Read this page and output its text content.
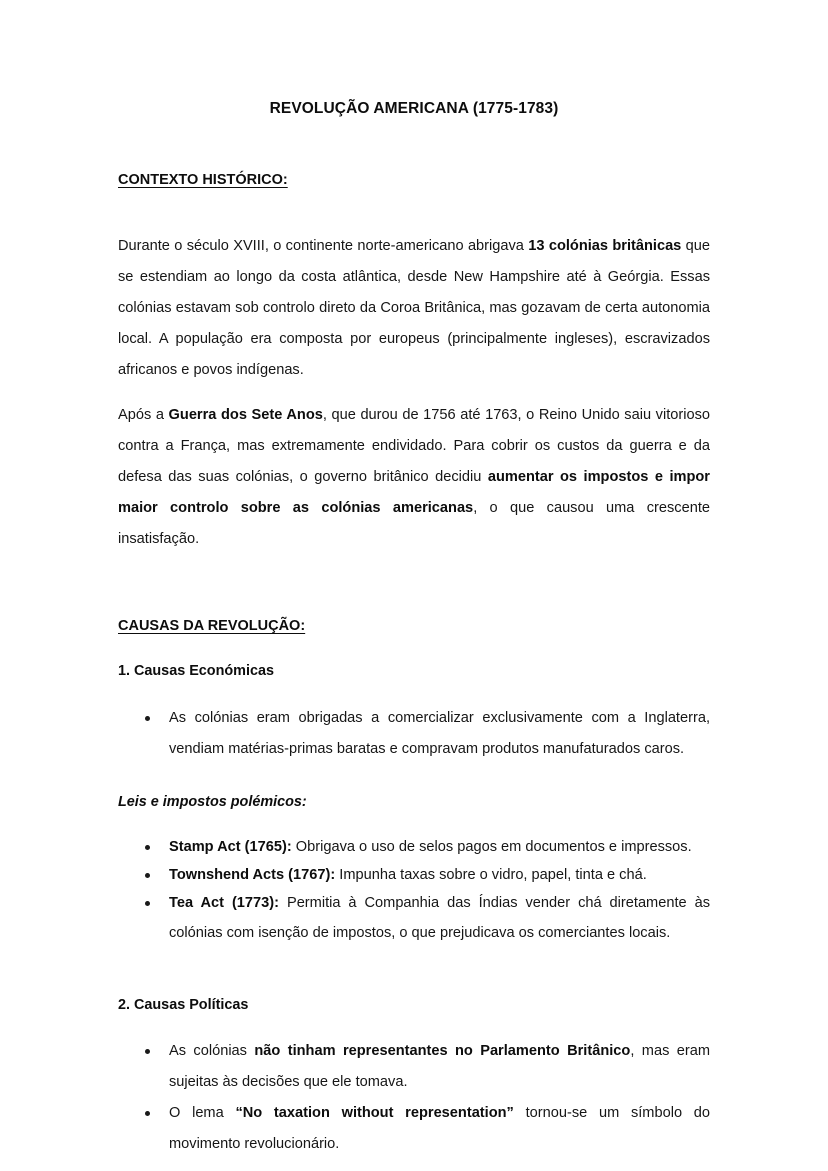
REVOLUÇÃO AMERICANA (1775-1783)
CONTEXTO HISTÓRICO:

Durante o século XVIII, o continente norte-americano abrigava 13 colónias britânicas que se estendiam ao longo da costa atlântica, desde New Hampshire até à Geórgia. Essas colónias estavam sob controlo direto da Coroa Britânica, mas gozavam de certa autonomia local. A população era composta por europeus (principalmente ingleses), escravizados africanos e povos indígenas.

Após a Guerra dos Sete Anos, que durou de 1756 até 1763, o Reino Unido saiu vitorioso contra a França, mas extremamente endividado. Para cobrir os custos da guerra e da defesa das suas colónias, o governo britânico decidiu aumentar os impostos e impor maior controlo sobre as colónias americanas, o que causou uma crescente insatisfação.

CAUSAS DA REVOLUÇÃO:
1. Causas Económicas
As colónias eram obrigadas a comercializar exclusivamente com a Inglaterra, vendiam matérias-primas baratas e compravam produtos manufaturados caros.
Leis e impostos polémicos:
Stamp Act (1765): Obrigava o uso de selos pagos em documentos e impressos.
Townshend Acts (1767): Impunha taxas sobre o vidro, papel, tinta e chá.
Tea Act (1773): Permitia à Companhia das Índias vender chá diretamente às colónias com isenção de impostos, o que prejudicava os comerciantes locais.
2. Causas Políticas
As colónias não tinham representantes no Parlamento Britânico, mas eram sujeitas às decisões que ele tomava.
O lema “No taxation without representation” tornou-se um símbolo do movimento revolucionário.
